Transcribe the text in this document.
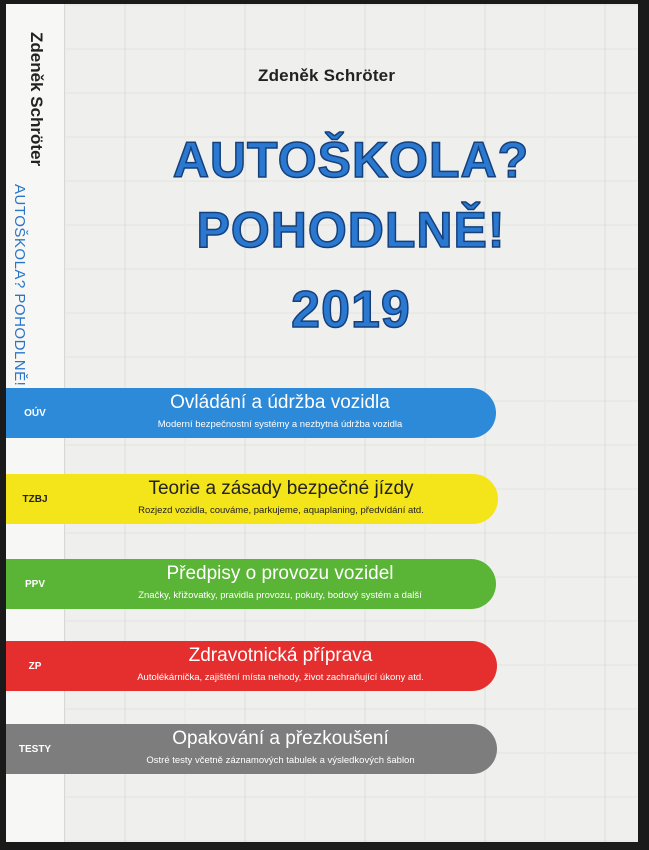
Zdeněk Schröter
AUTOŠKOLA? POHODLNĚ!
Zdeněk Schröter
AUTOŠKOLA?
POHODLNĚ!
2019
OÚV	Ovládání a údržba vozidla
Moderní bezpečnostní systémy a nezbytná údržba vozidla
TZBJ	Teorie a zásady bezpečné jízdy
Rozjezd vozidla, couváme, parkujeme, aquaplaning, předvídání atd.
PPV	Předpisy o provozu vozidel
Značky, křižovatky, pravidla provozu, pokuty, bodový systém a další
ZP	Zdravotnická příprava
Autolékárnička, zajištění místa nehody, život zachraňující úkony atd.
TESTY	Opakování a přezkoušení
Ostré testy včetně záznamových tabulek a výsledkových šablon
